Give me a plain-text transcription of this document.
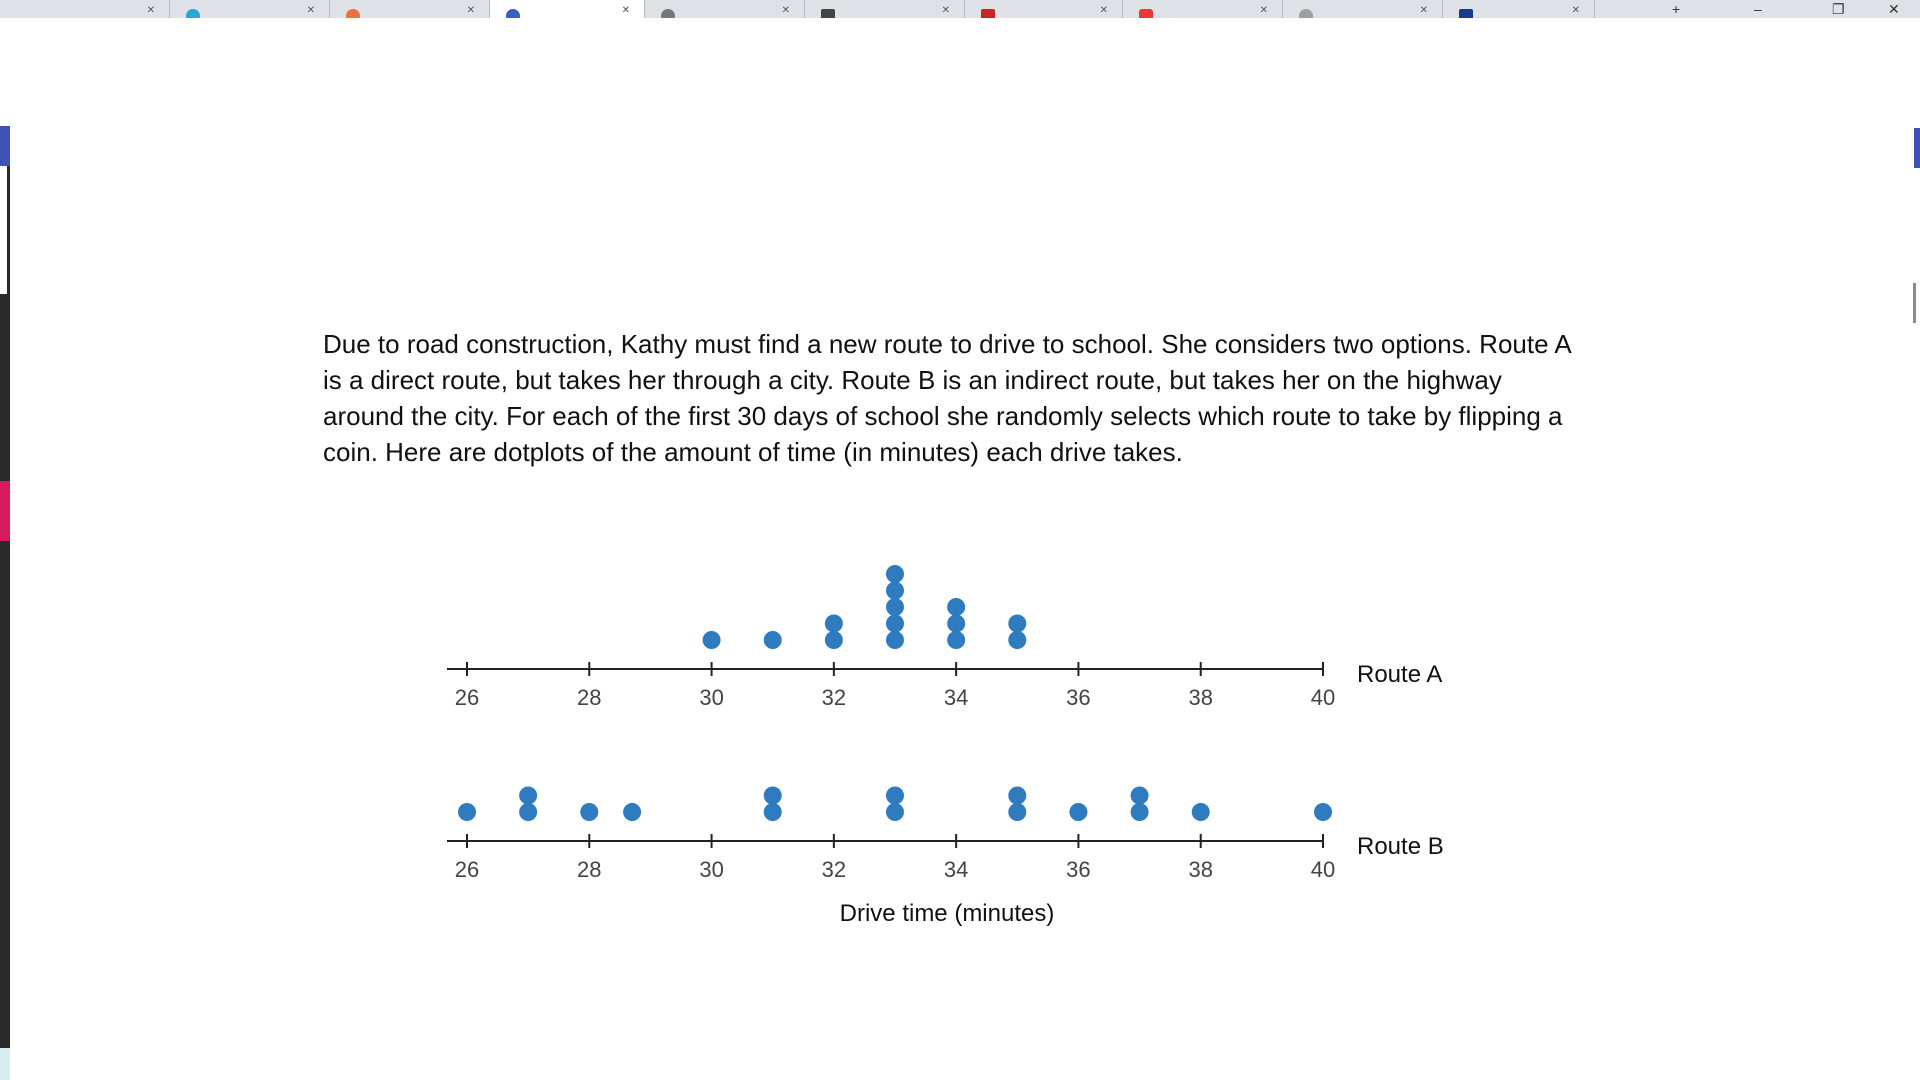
✕	✕	✕	✕	✕	✕	✕	✕	✕	✕	+	–	❐	✕

Due to road construction, Kathy must find a new route to drive to school. She considers two options. Route A is a direct route, but takes her through a city. Route B is an indirect route, but takes her on the highway around the city. For each of the first 30 days of school she randomly selects which route to take by flipping a coin. Here are dotplots of the amount of time (in minutes) each drive takes.

26	28	30	32	34	36	38	40
Route A
26	28	30	32	34	36	38	40
Route B
Drive time (minutes)
